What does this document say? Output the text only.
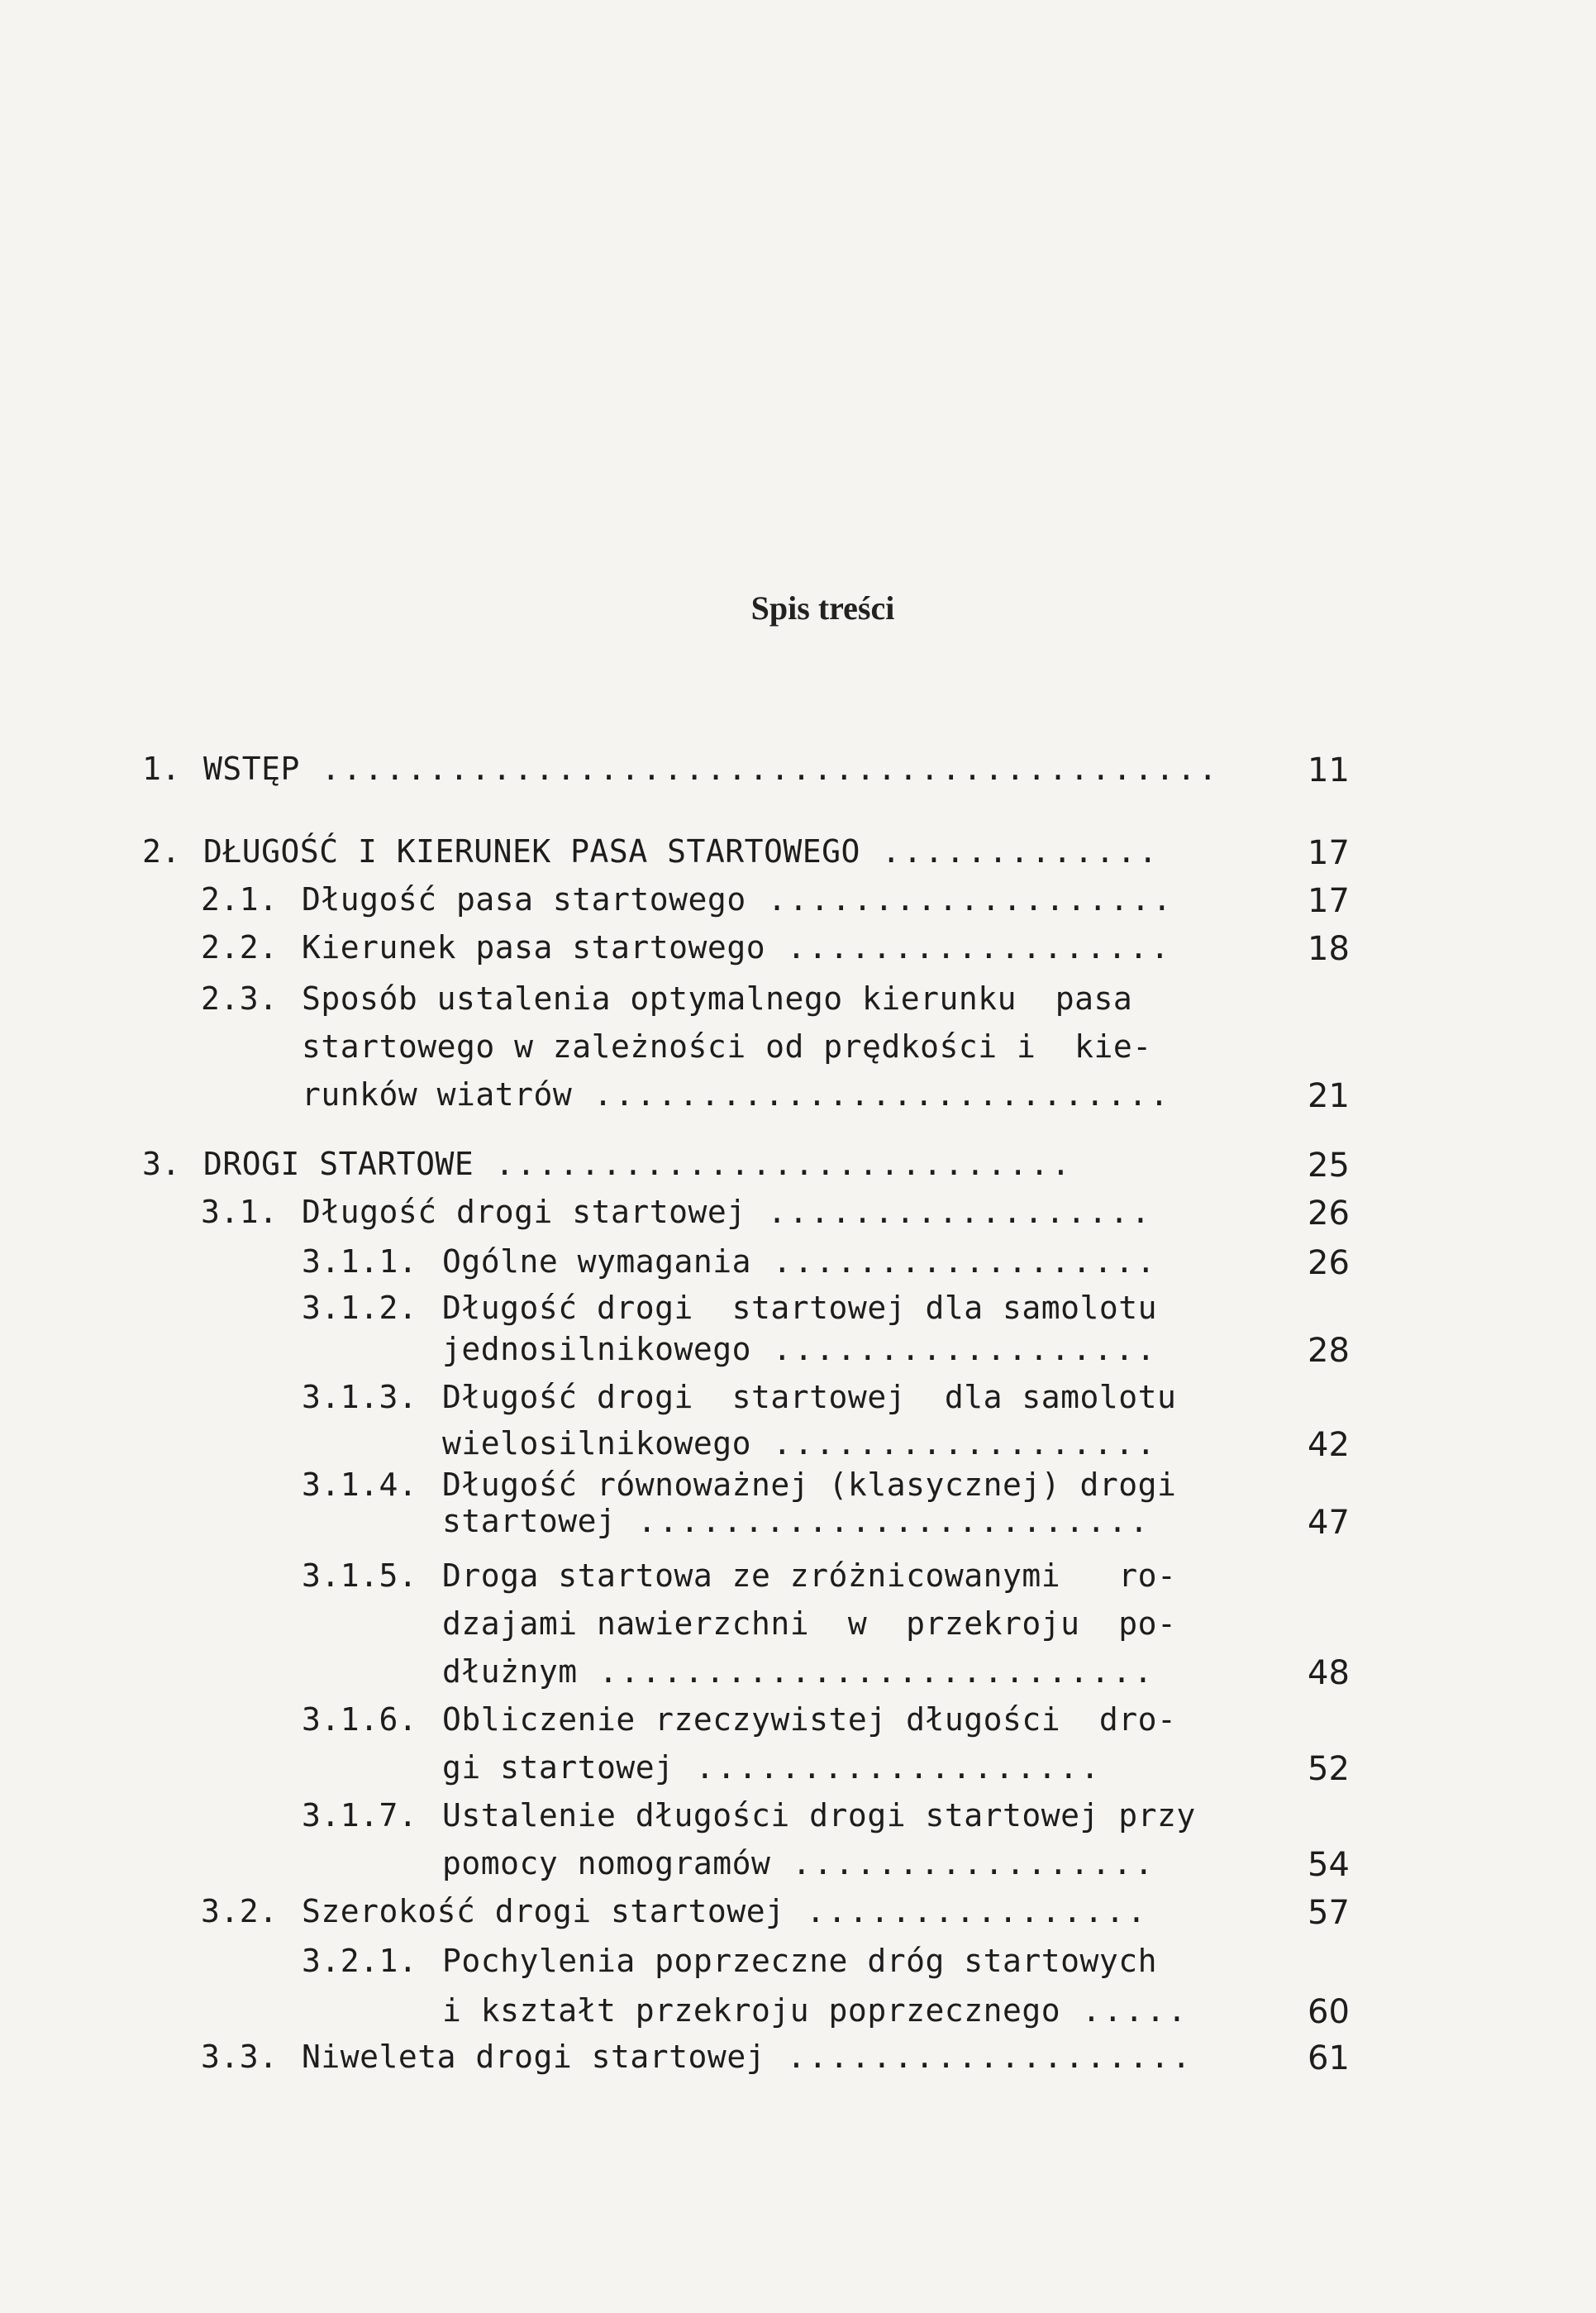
Spis treści
1. WSTĘP ..........................................	11
2. DŁUGOŚĆ I KIERUNEK PASA STARTOWEGO .............	17
2.1. Długość pasa startowego ...................	17
2.2. Kierunek pasa startowego ..................	18
2.3. Sposób ustalenia optymalnego kierunku  pasa
startowego w zależności od prędkości i  kie-
runków wiatrów ...........................	21
3. DROGI STARTOWE ...........................	25
3.1. Długość drogi startowej ..................	26
3.1.1. Ogólne wymagania ..................	26
3.1.2. Długość drogi  startowej dla samolotu
jednosilnikowego ..................	28
3.1.3. Długość drogi  startowej  dla samolotu
wielosilnikowego ..................	42
3.1.4. Długość równoważnej (klasycznej) drogi
startowej ........................	47
3.1.5. Droga startowa ze zróżnicowanymi   ro-
dzajami nawierzchni  w  przekroju  po-
dłużnym ..........................	48
3.1.6. Obliczenie rzeczywistej długości  dro-
gi startowej ...................	52
3.1.7. Ustalenie długości drogi startowej przy
pomocy nomogramów .................	54
3.2. Szerokość drogi startowej ................	57
3.2.1. Pochylenia poprzeczne dróg startowych
i kształt przekroju poprzecznego .....	60
3.3. Niweleta drogi startowej ...................	61
